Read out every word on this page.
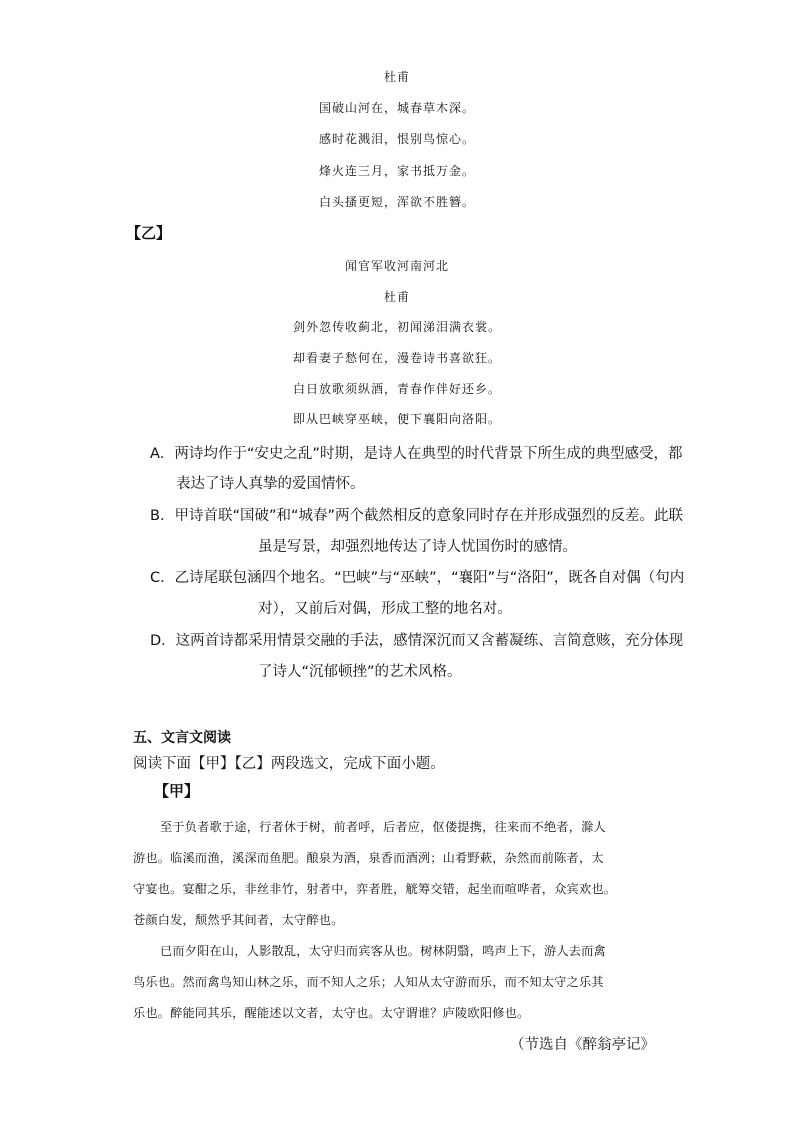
杜甫
国破山河在，城春草木深。
感时花溅泪，恨别鸟惊心。
烽火连三月，家书抵万金。
白头搔更短，浑欲不胜簪。
【乙】
闻官军收河南河北
杜甫
剑外忽传收蓟北，初闻涕泪满衣裳。
却看妻子愁何在，漫卷诗书喜欲狂。
白日放歌须纵酒，青春作伴好还乡。
即从巴峡穿巫峡，便下襄阳向洛阳。
A．两诗均作于“安史之乱”时期，是诗人在典型的时代背景下所生成的典型感受，都
表达了诗人真挚的爱国情怀。
B．甲诗首联“国破”和“城春”两个截然相反的意象同时存在并形成强烈的反差。此联
虽是写景，却强烈地传达了诗人忧国伤时的感情。
C．乙诗尾联包涵四个地名。“巴峡”与“巫峡”，“襄阳”与“洛阳”，既各自对偶（句内
对），又前后对偶，形成工整的地名对。
D．这两首诗都采用情景交融的手法，感情深沉而又含蓄凝练、言简意赅，充分体现
了诗人“沉郁顿挫”的艺术风格。
五、文言文阅读
阅读下面【甲】【乙】两段选文，完成下面小题。
【甲】
至于负者歌于途，行者休于树，前者呼，后者应，伛偻提携，往来而不绝者，滁人
游也。临溪而渔，溪深而鱼肥。酿泉为酒，泉香而酒洌；山肴野蔌，杂然而前陈者，太
守宴也。宴酣之乐，非丝非竹，射者中，弈者胜，觥筹交错，起坐而喧哗者，众宾欢也。
苍颜白发，颓然乎其间者，太守醉也。
已而夕阳在山，人影散乱，太守归而宾客从也。树林阴翳，鸣声上下，游人去而禽
鸟乐也。然而禽鸟知山林之乐，而不知人之乐；人知从太守游而乐，而不知太守之乐其
乐也。醉能同其乐，醒能述以文者，太守也。太守谓谁？庐陵欧阳修也。
（节选自《醉翁亭记》
